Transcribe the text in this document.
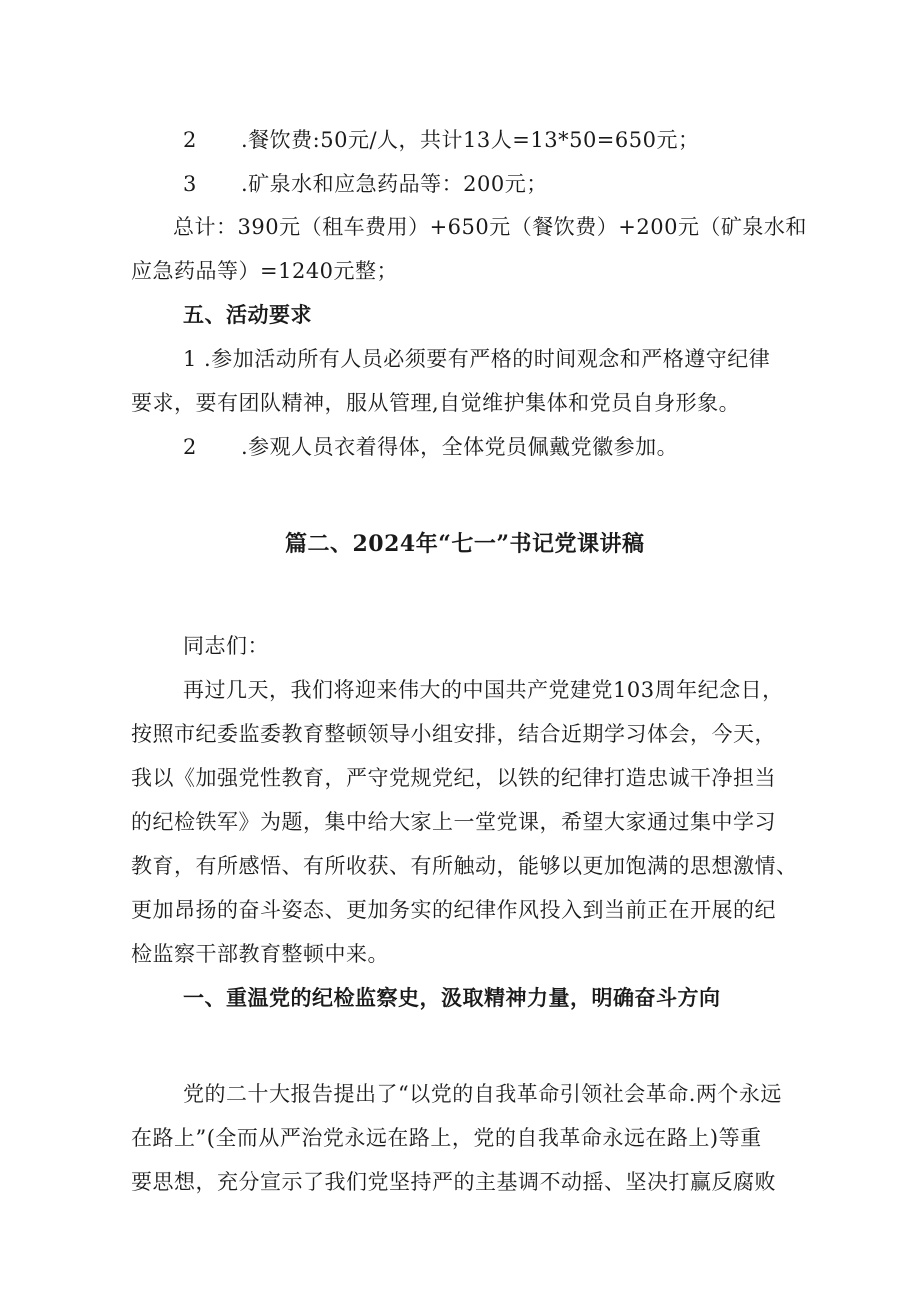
2 .餐饮费:50元/人，共计13人=13*50=650元；
3 .矿泉水和应急药品等：200元；
总计：390元（租车费用）+650元（餐饮费）+200元（矿泉水和
应急药品等）=1240元整；
五、活动要求
1 .参加活动所有人员必须要有严格的时间观念和严格遵守纪律
要求，要有团队精神，服从管理,自觉维护集体和党员自身形象。
2 .参观人员衣着得体，全体党员佩戴党徽参加。
篇二、2024年“七一”书记党课讲稿
同志们：
再过几天，我们将迎来伟大的中国共产党建党103周年纪念日，
按照市纪委监委教育整顿领导小组安排，结合近期学习体会，今天，
我以《加强党性教育，严守党规党纪，以铁的纪律打造忠诚干净担当
的纪检铁军》为题，集中给大家上一堂党课，希望大家通过集中学习
教育，有所感悟、有所收获、有所触动，能够以更加饱满的思想激情、
更加昂扬的奋斗姿态、更加务实的纪律作风投入到当前正在开展的纪
检监察干部教育整顿中来。
一、重温党的纪检监察史，汲取精神力量，明确奋斗方向
党的二十大报告提出了“以党的自我革命引领社会革命.两个永远
在路上”(全而从严治党永远在路上，党的自我革命永远在路上)等重
要思想，充分宣示了我们党坚持严的主基调不动摇、坚决打赢反腐败
